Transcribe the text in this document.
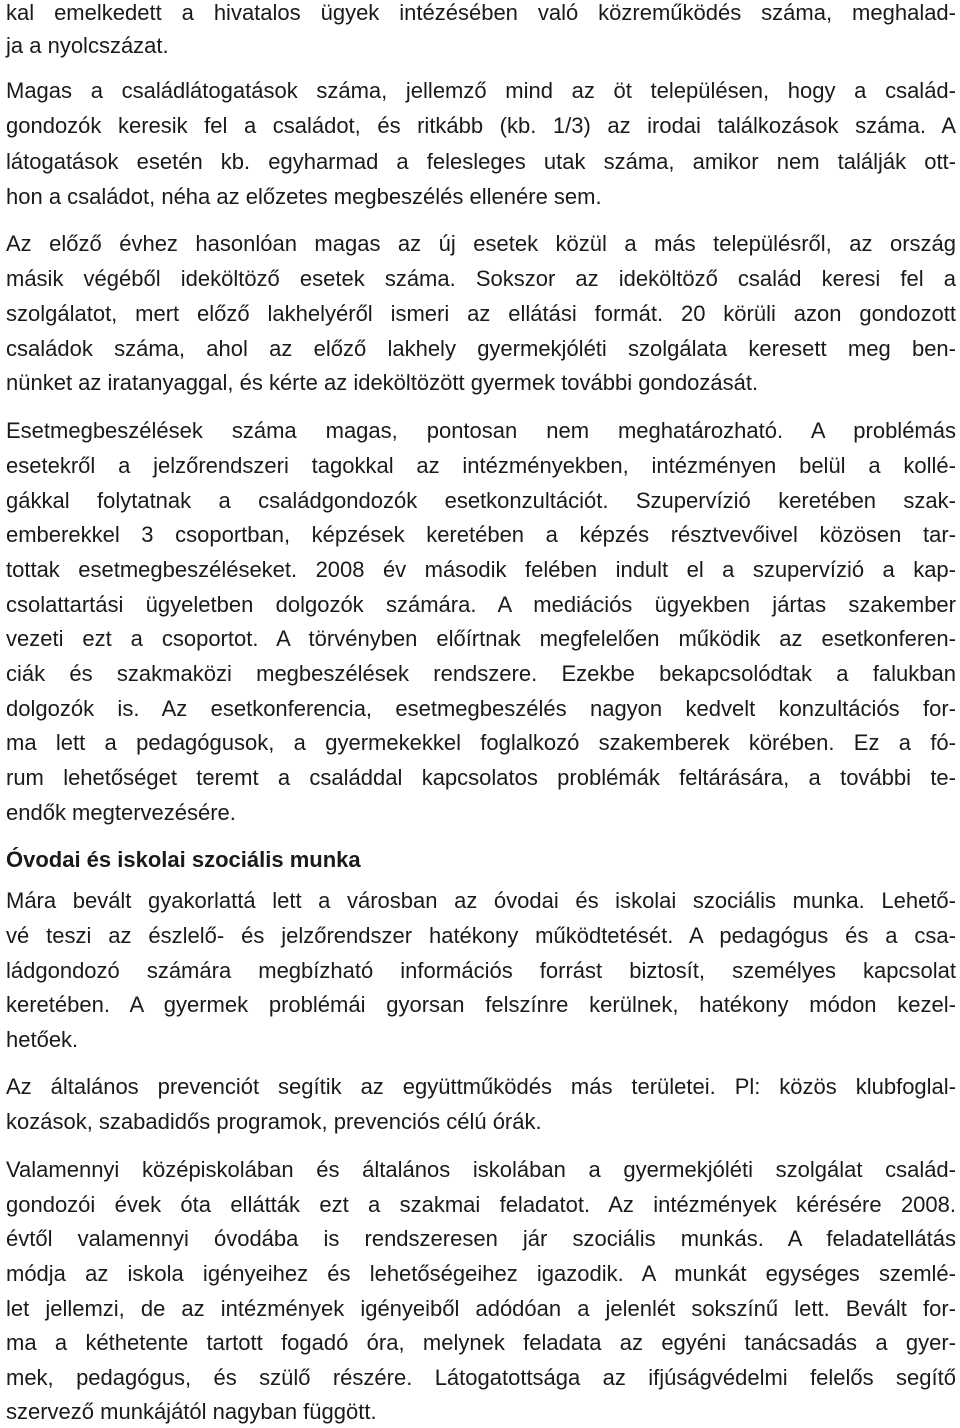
kal emelkedett a hivatalos ügyek intézésében való közreműködés száma, meghalad-
ja a nyolcszázat.
Magas a családlátogatások száma, jellemző mind az öt településen, hogy a család-
gondozók keresik fel a családot, és ritkább (kb. 1/3) az irodai találkozások száma. A
látogatások esetén kb. egyharmad a felesleges utak száma, amikor nem találják ott-
hon a családot, néha az előzetes megbeszélés ellenére sem.
Az előző évhez hasonlóan magas az új esetek közül a más településről, az ország
másik végéből ideköltöző esetek száma. Sokszor az ideköltöző család keresi fel a
szolgálatot, mert előző lakhelyéről ismeri az ellátási formát. 20 körüli azon gondozott
családok száma, ahol az előző lakhely gyermekjóléti szolgálata keresett meg ben-
nünket az iratanyaggal, és kérte az ideköltözött gyermek további gondozását.
Esetmegbeszélések száma magas, pontosan nem meghatározható. A problémás
esetekről a jelzőrendszeri tagokkal az intézményekben, intézményen belül a kollé-
gákkal folytatnak a családgondozók esetkonzultációt. Szupervízió keretében szak-
emberekkel 3 csoportban, képzések keretében a képzés résztvevőivel közösen tar-
tottak esetmegbeszéléseket. 2008 év második felében indult el a szupervízió a kap-
csolattartási ügyeletben dolgozók számára. A mediációs ügyekben jártas szakember
vezeti ezt a csoportot. A törvényben előírtnak megfelelően működik az esetkonferen-
ciák és szakmaközi megbeszélések rendszere. Ezekbe bekapcsolódtak a falukban
dolgozók is. Az esetkonferencia, esetmegbeszélés nagyon kedvelt konzultációs for-
ma lett a pedagógusok, a gyermekekkel foglalkozó szakemberek körében. Ez a fó-
rum lehetőséget teremt a családdal kapcsolatos problémák feltárására, a további te-
endők megtervezésére.
Óvodai és iskolai szociális munka
Mára bevált gyakorlattá lett a városban az óvodai és iskolai szociális munka. Lehető-
vé teszi az észlelő- és jelzőrendszer hatékony működtetését. A pedagógus és a csa-
ládgondozó számára megbízható információs forrást biztosít, személyes kapcsolat
keretében. A gyermek problémái gyorsan felszínre kerülnek, hatékony módon kezel-
hetőek.
Az általános prevenciót segítik az együttműködés más területei. Pl: közös klubfoglal-
kozások, szabadidős programok, prevenciós célú órák.
Valamennyi középiskolában és általános iskolában a gyermekjóléti szolgálat család-
gondozói évek óta ellátták ezt a szakmai feladatot. Az intézmények kérésére 2008.
évtől valamennyi óvodába is rendszeresen jár szociális munkás. A feladatellátás
módja az iskola igényeihez és lehetőségeihez igazodik. A munkát egységes szemlé-
let jellemzi, de az intézmények igényeiből adódóan a jelenlét sokszínű lett. Bevált for-
ma a kéthetente tartott fogadó óra, melynek feladata az egyéni tanácsadás a gyer-
mek, pedagógus, és szülő részére. Látogatottsága az ifjúságvédelmi felelős segítő
szervező munkájától nagyban függött.
